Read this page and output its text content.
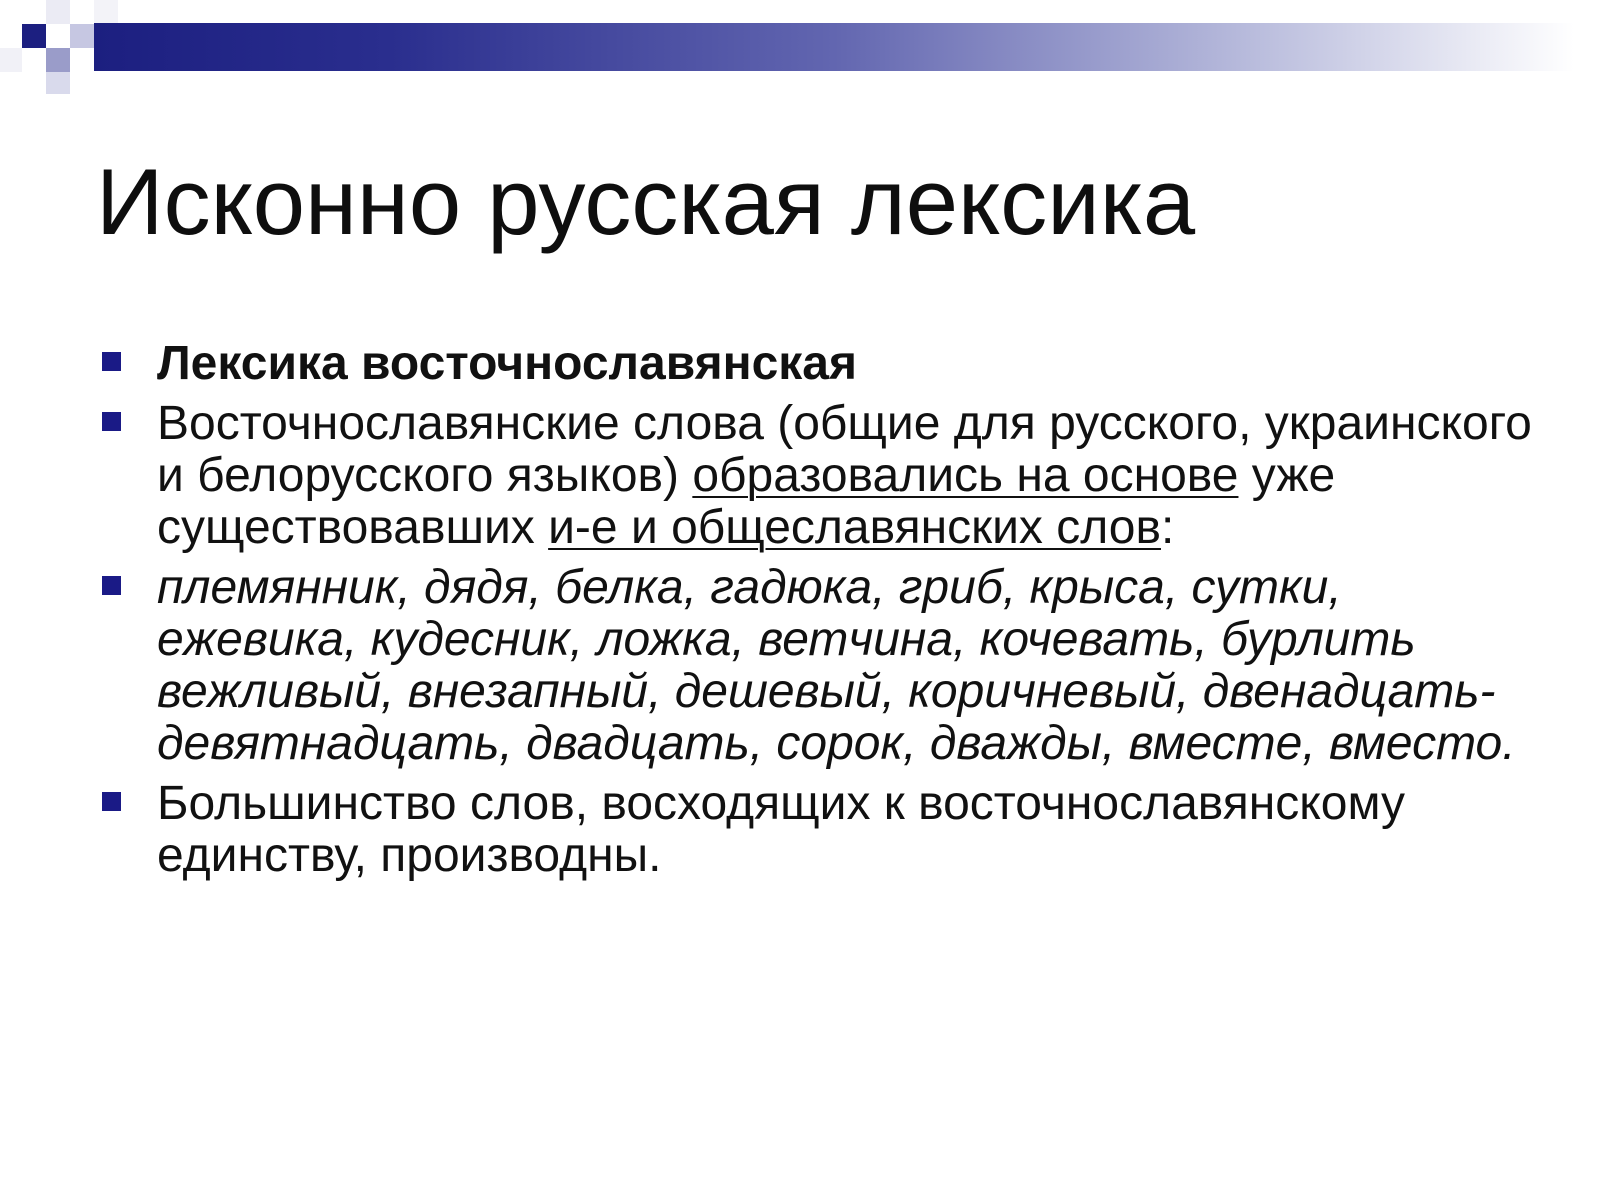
Исконно русская лексика
Лексика восточнославянская
Восточнославянские слова (общие для русского, украинского и белорусского языков) образовались на основе уже существовавших и-е и общеславянских слов:
племянник, дядя, белка, гадюка, гриб, крыса, сутки, ежевика, кудесник, ложка, ветчина, кочевать, бурлить вежливый, внезапный, дешевый, коричневый, двенадцать-девятнадцать, двадцать, сорок, дважды, вместе, вместо.
Большинство слов, восходящих к восточнославянскому единству, производны.
